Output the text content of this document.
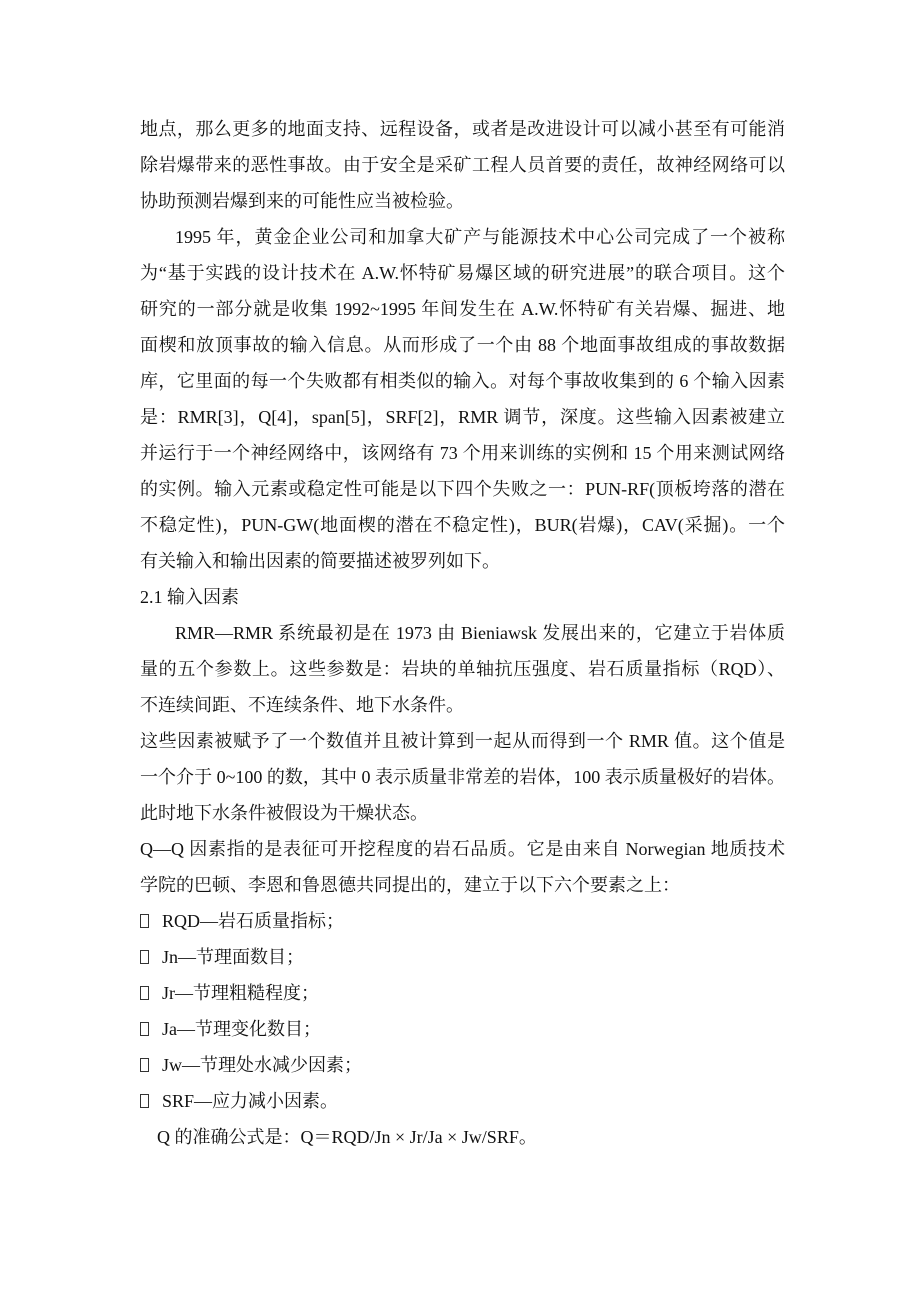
地点，那么更多的地面支持、远程设备，或者是改进设计可以减小甚至有可能消
除岩爆带来的恶性事故。由于安全是采矿工程人员首要的责任，故神经网络可以
协助预测岩爆到来的可能性应当被检验。
1995 年，黄金企业公司和加拿大矿产与能源技术中心公司完成了一个被称
为“基于实践的设计技术在 A.W.怀特矿易爆区域的研究进展”的联合项目。这个
研究的一部分就是收集 1992~1995 年间发生在 A.W.怀特矿有关岩爆、掘进、地
面楔和放顶事故的输入信息。从而形成了一个由 88 个地面事故组成的事故数据
库，它里面的每一个失败都有相类似的输入。对每个事故收集到的 6 个输入因素
是：RMR[3]，Q[4]，span[5]，SRF[2]，RMR 调节，深度。这些输入因素被建立
并运行于一个神经网络中，该网络有 73 个用来训练的实例和 15 个用来测试网络
的实例。输入元素或稳定性可能是以下四个失败之一：PUN-RF(顶板垮落的潜在
不稳定性)，PUN-GW(地面楔的潜在不稳定性)，BUR(岩爆)，CAV(采掘)。一个
有关输入和输出因素的简要描述被罗列如下。
2.1 输入因素
RMR—RMR 系统最初是在 1973 由 Bieniawsk 发展出来的，它建立于岩体质
量的五个参数上。这些参数是：岩块的单轴抗压强度、岩石质量指标（RQD）、
不连续间距、不连续条件、地下水条件。
这些因素被赋予了一个数值并且被计算到一起从而得到一个 RMR 值。这个值是
一个介于 0~100 的数，其中 0 表示质量非常差的岩体，100 表示质量极好的岩体。
此时地下水条件被假设为干燥状态。
Q—Q 因素指的是表征可开挖程度的岩石品质。它是由来自 Norwegian 地质技术
学院的巴顿、李恩和鲁恩德共同提出的，建立于以下六个要素之上：
RQD—岩石质量指标；
Jn—节理面数目；
Jr—节理粗糙程度；
Ja—节理变化数目；
Jw—节理处水减少因素；
SRF—应力减小因素。
Q 的准确公式是：Q＝RQD/Jn × Jr/Ja × Jw/SRF。
